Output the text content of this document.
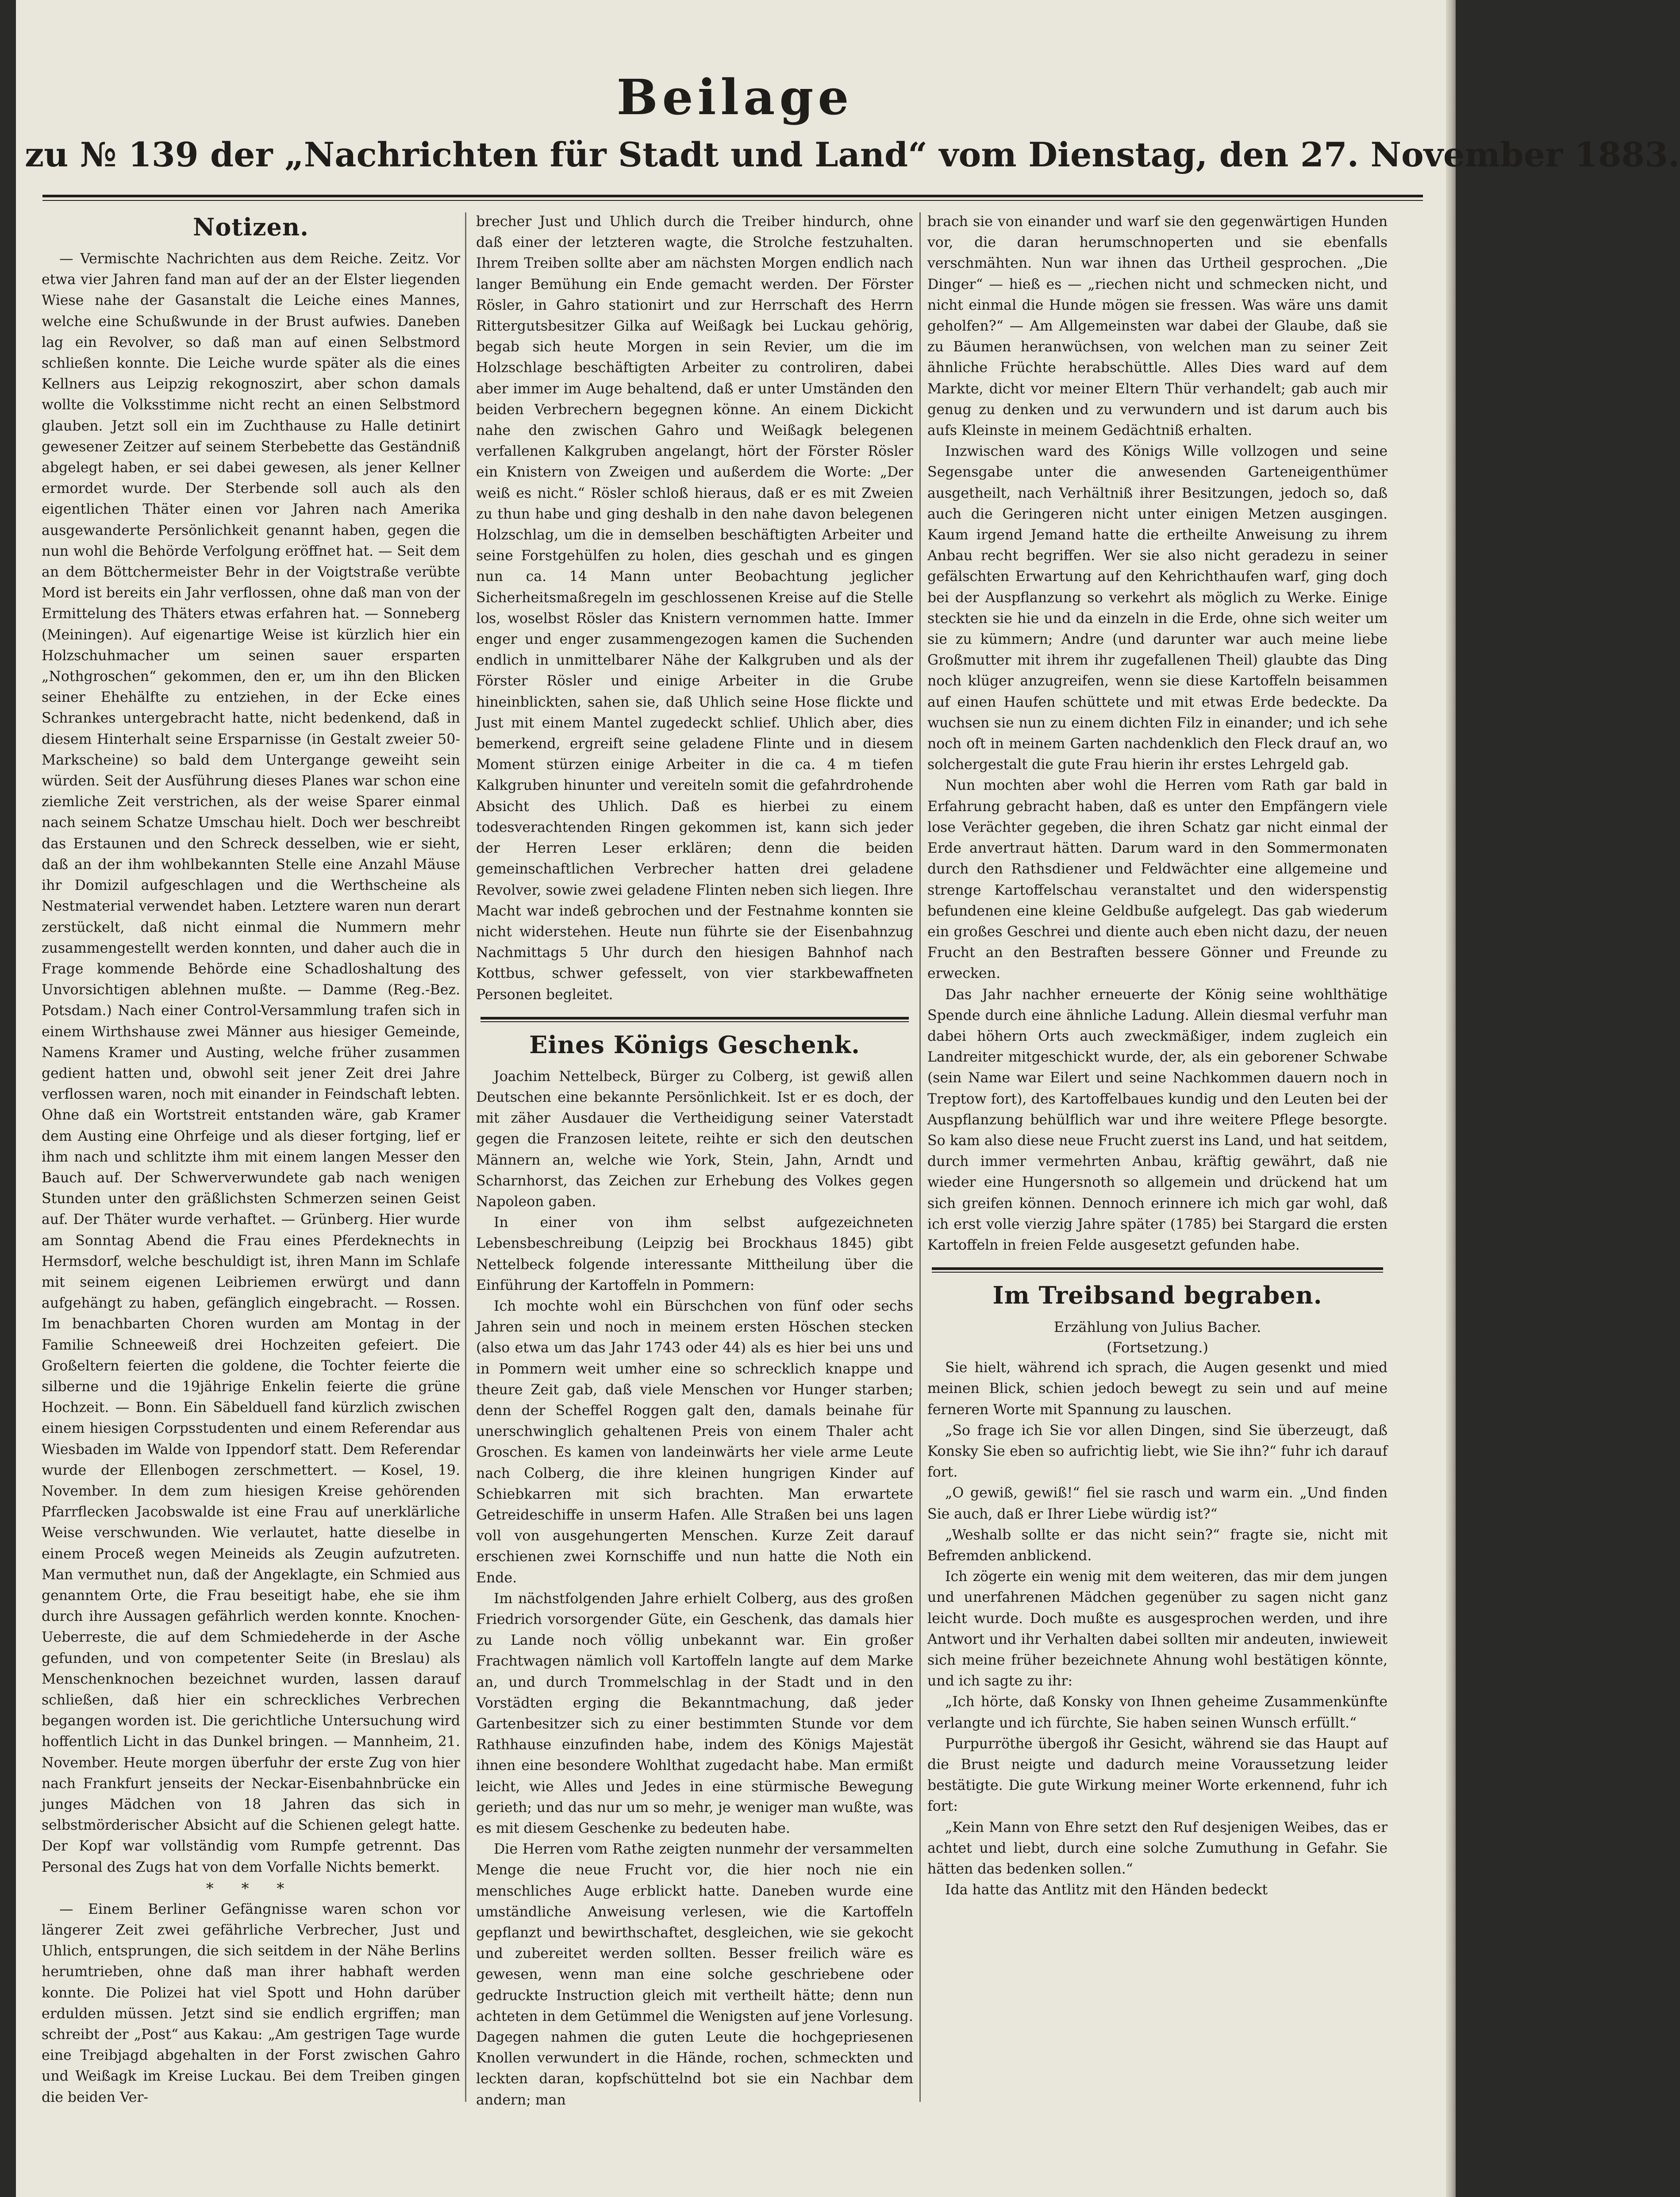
Beilage
zu № 139 der „Nachrichten für Stadt und Land“ vom Dienstag, den 27. November 1883.
Notizen.

— Vermischte Nachrichten aus dem Reiche. Zeitz. Vor etwa vier Jahren fand man auf der an der Elster liegenden Wiese nahe der Gasanstalt die Leiche eines Mannes, welche eine Schußwunde in der Brust aufwies. Daneben lag ein Revolver, so daß man auf einen Selbstmord schließen konnte. Die Leiche wurde später als die eines Kellners aus Leipzig rekognoszirt, aber schon damals wollte die Volksstimme nicht recht an einen Selbstmord glauben. Jetzt soll ein im Zuchthause zu Halle detinirt gewesener Zeitzer auf seinem Sterbebette das Geständniß abgelegt haben, er sei dabei gewesen, als jener Kellner ermordet wurde. Der Sterbende soll auch als den eigentlichen Thäter einen vor Jahren nach Amerika ausgewanderte Persönlichkeit genannt haben, gegen die nun wohl die Behörde Verfolgung eröffnet hat. — Seit dem an dem Böttchermeister Behr in der Voigtstraße verübte Mord ist bereits ein Jahr verflossen, ohne daß man von der Ermittelung des Thäters etwas erfahren hat. — Sonneberg (Meiningen). Auf eigenartige Weise ist kürzlich hier ein Holzschuhmacher um seinen sauer ersparten „Nothgroschen“ gekommen, den er, um ihn den Blicken seiner Ehehälfte zu entziehen, in der Ecke eines Schrankes untergebracht hatte, nicht bedenkend, daß in diesem Hinterhalt seine Ersparnisse (in Gestalt zweier 50-Markscheine) so bald dem Untergange geweiht sein würden. Seit der Ausführung dieses Planes war schon eine ziemliche Zeit verstrichen, als der weise Sparer einmal nach seinem Schatze Umschau hielt. Doch wer beschreibt das Erstaunen und den Schreck desselben, wie er sieht, daß an der ihm wohlbekannten Stelle eine Anzahl Mäuse ihr Domizil aufgeschlagen und die Werthscheine als Nestmaterial verwendet haben. Letztere waren nun derart zerstückelt, daß nicht einmal die Nummern mehr zusammengestellt werden konnten, und daher auch die in Frage kommende Behörde eine Schadloshaltung des Unvorsichtigen ablehnen mußte. — Damme (Reg.-Bez. Potsdam.) Nach einer Control-Versammlung trafen sich in einem Wirthshause zwei Männer aus hiesiger Gemeinde, Namens Kramer und Austing, welche früher zusammen gedient hatten und, obwohl seit jener Zeit drei Jahre verflossen waren, noch mit einander in Feindschaft lebten. Ohne daß ein Wortstreit entstanden wäre, gab Kramer dem Austing eine Ohrfeige und als dieser fortging, lief er ihm nach und schlitzte ihm mit einem langen Messer den Bauch auf. Der Schwerverwundete gab nach wenigen Stunden unter den gräßlichsten Schmerzen seinen Geist auf. Der Thäter wurde verhaftet. — Grünberg. Hier wurde am Sonntag Abend die Frau eines Pferdeknechts in Hermsdorf, welche beschuldigt ist, ihren Mann im Schlafe mit seinem eigenen Leibriemen erwürgt und dann aufgehängt zu haben, gefänglich eingebracht. — Rossen. Im benachbarten Choren wurden am Montag in der Familie Schneeweiß drei Hochzeiten gefeiert. Die Großeltern feierten die goldene, die Tochter feierte die silberne und die 19jährige Enkelin feierte die grüne Hochzeit. — Bonn. Ein Säbelduell fand kürzlich zwischen einem hiesigen Corpsstudenten und einem Referendar aus Wiesbaden im Walde von Ippendorf statt. Dem Referendar wurde der Ellenbogen zerschmettert. — Kosel, 19. November. In dem zum hiesigen Kreise gehörenden Pfarrflecken Jacobswalde ist eine Frau auf unerklärliche Weise verschwunden. Wie verlautet, hatte dieselbe in einem Proceß wegen Meineids als Zeugin aufzutreten. Man vermuthet nun, daß der Angeklagte, ein Schmied aus genanntem Orte, die Frau beseitigt habe, ehe sie ihm durch ihre Aussagen gefährlich werden konnte. Knochen-Ueberreste, die auf dem Schmiedeherde in der Asche gefunden, und von competenter Seite (in Breslau) als Menschenknochen bezeichnet wurden, lassen darauf schließen, daß hier ein schreckliches Verbrechen begangen worden ist. Die gerichtliche Untersuchung wird hoffentlich Licht in das Dunkel bringen. — Mannheim, 21. November. Heute morgen überfuhr der erste Zug von hier nach Frankfurt jenseits der Neckar-Eisenbahnbrücke ein junges Mädchen von 18 Jahren das sich in selbstmörderischer Absicht auf die Schienen gelegt hatte. Der Kopf war vollständig vom Rumpfe getrennt. Das Personal des Zugs hat von dem Vorfalle Nichts bemerkt.

* * *

— Einem Berliner Gefängnisse waren schon vor längerer Zeit zwei gefährliche Verbrecher, Just und Uhlich, entsprungen, die sich seitdem in der Nähe Berlins herumtrieben, ohne daß man ihrer habhaft werden konnte. Die Polizei hat viel Spott und Hohn darüber erdulden müssen. Jetzt sind sie endlich ergriffen; man schreibt der „Post“ aus Kakau: „Am gestrigen Tage wurde eine Treibjagd abgehalten in der Forst zwischen Gahro und Weißagk im Kreise Luckau. Bei dem Treiben gingen die beiden Ver-

brecher Just und Uhlich durch die Treiber hindurch, ohne daß einer der letzteren wagte, die Strolche festzuhalten. Ihrem Treiben sollte aber am nächsten Morgen endlich nach langer Bemühung ein Ende gemacht werden. Der Förster Rösler, in Gahro stationirt und zur Herrschaft des Herrn Rittergutsbesitzer Gilka auf Weißagk bei Luckau gehörig, begab sich heute Morgen in sein Revier, um die im Holzschlage beschäftigten Arbeiter zu controliren, dabei aber immer im Auge behaltend, daß er unter Umständen den beiden Verbrechern begegnen könne. An einem Dickicht nahe den zwischen Gahro und Weißagk belegenen verfallenen Kalkgruben angelangt, hört der Förster Rösler ein Knistern von Zweigen und außerdem die Worte: „Der weiß es nicht.“ Rösler schloß hieraus, daß er es mit Zweien zu thun habe und ging deshalb in den nahe davon belegenen Holzschlag, um die in demselben beschäftigten Arbeiter und seine Forstgehülfen zu holen, dies geschah und es gingen nun ca. 14 Mann unter Beobachtung jeglicher Sicherheitsmaßregeln im geschlossenen Kreise auf die Stelle los, woselbst Rösler das Knistern vernommen hatte. Immer enger und enger zusammengezogen kamen die Suchenden endlich in unmittelbarer Nähe der Kalkgruben und als der Förster Rösler und einige Arbeiter in die Grube hineinblickten, sahen sie, daß Uhlich seine Hose flickte und Just mit einem Mantel zugedeckt schlief. Uhlich aber, dies bemerkend, ergreift seine geladene Flinte und in diesem Moment stürzen einige Arbeiter in die ca. 4 m tiefen Kalkgruben hinunter und vereiteln somit die gefahrdrohende Absicht des Uhlich. Daß es hierbei zu einem todesverachtenden Ringen gekommen ist, kann sich jeder der Herren Leser erklären; denn die beiden gemeinschaftlichen Verbrecher hatten drei geladene Revolver, sowie zwei geladene Flinten neben sich liegen. Ihre Macht war indeß gebrochen und der Festnahme konnten sie nicht widerstehen. Heute nun führte sie der Eisenbahnzug Nachmittags 5 Uhr durch den hiesigen Bahnhof nach Kottbus, schwer gefesselt, von vier starkbewaffneten Personen begleitet.

Eines Königs Geschenk.

Joachim Nettelbeck, Bürger zu Colberg, ist gewiß allen Deutschen eine bekannte Persönlichkeit. Ist er es doch, der mit zäher Ausdauer die Vertheidigung seiner Vaterstadt gegen die Franzosen leitete, reihte er sich den deutschen Männern an, welche wie York, Stein, Jahn, Arndt und Scharnhorst, das Zeichen zur Erhebung des Volkes gegen Napoleon gaben.

In einer von ihm selbst aufgezeichneten Lebensbeschreibung (Leipzig bei Brockhaus 1845) gibt Nettelbeck folgende interessante Mittheilung über die Einführung der Kartoffeln in Pommern:

Ich mochte wohl ein Bürschchen von fünf oder sechs Jahren sein und noch in meinem ersten Höschen stecken (also etwa um das Jahr 1743 oder 44) als es hier bei uns und in Pommern weit umher eine so schrecklich knappe und theure Zeit gab, daß viele Menschen vor Hunger starben; denn der Scheffel Roggen galt den, damals beinahe für unerschwinglich gehaltenen Preis von einem Thaler acht Groschen. Es kamen von landeinwärts her viele arme Leute nach Colberg, die ihre kleinen hungrigen Kinder auf Schiebkarren mit sich brachten. Man erwartete Getreideschiffe in unserm Hafen. Alle Straßen bei uns lagen voll von ausgehungerten Menschen. Kurze Zeit darauf erschienen zwei Kornschiffe und nun hatte die Noth ein Ende.

Im nächstfolgenden Jahre erhielt Colberg, aus des großen Friedrich vorsorgender Güte, ein Geschenk, das damals hier zu Lande noch völlig unbekannt war. Ein großer Frachtwagen nämlich voll Kartoffeln langte auf dem Marke an, und durch Trommelschlag in der Stadt und in den Vorstädten erging die Bekanntmachung, daß jeder Gartenbesitzer sich zu einer bestimmten Stunde vor dem Rathhause einzufinden habe, indem des Königs Majestät ihnen eine besondere Wohlthat zugedacht habe. Man ermißt leicht, wie Alles und Jedes in eine stürmische Bewegung gerieth; und das nur um so mehr, je weniger man wußte, was es mit diesem Geschenke zu bedeuten habe.

Die Herren vom Rathe zeigten nunmehr der versammelten Menge die neue Frucht vor, die hier noch nie ein menschliches Auge erblickt hatte. Daneben wurde eine umständliche Anweisung verlesen, wie die Kartoffeln gepflanzt und bewirthschaftet, desgleichen, wie sie gekocht und zubereitet werden sollten. Besser freilich wäre es gewesen, wenn man eine solche geschriebene oder gedruckte Instruction gleich mit vertheilt hätte; denn nun achteten in dem Getümmel die Wenigsten auf jene Vorlesung. Dagegen nahmen die guten Leute die hochgepriesenen Knollen verwundert in die Hände, rochen, schmeckten und leckten daran, kopfschüttelnd bot sie ein Nachbar dem andern; man

brach sie von einander und warf sie den gegenwärtigen Hunden vor, die daran herumschnoperten und sie ebenfalls verschmähten. Nun war ihnen das Urtheil gesprochen. „Die Dinger“ — hieß es — „riechen nicht und schmecken nicht, und nicht einmal die Hunde mögen sie fressen. Was wäre uns damit geholfen?“ — Am Allgemeinsten war dabei der Glaube, daß sie zu Bäumen heranwüchsen, von welchen man zu seiner Zeit ähnliche Früchte herabschüttle. Alles Dies ward auf dem Markte, dicht vor meiner Eltern Thür verhandelt; gab auch mir genug zu denken und zu verwundern und ist darum auch bis aufs Kleinste in meinem Gedächtniß erhalten.

Inzwischen ward des Königs Wille vollzogen und seine Segensgabe unter die anwesenden Garteneigenthümer ausgetheilt, nach Verhältniß ihrer Besitzungen, jedoch so, daß auch die Geringeren nicht unter einigen Metzen ausgingen. Kaum irgend Jemand hatte die ertheilte Anweisung zu ihrem Anbau recht begriffen. Wer sie also nicht geradezu in seiner gefälschten Erwartung auf den Kehrichthaufen warf, ging doch bei der Auspflanzung so verkehrt als möglich zu Werke. Einige steckten sie hie und da einzeln in die Erde, ohne sich weiter um sie zu kümmern; Andre (und darunter war auch meine liebe Großmutter mit ihrem ihr zugefallenen Theil) glaubte das Ding noch klüger anzugreifen, wenn sie diese Kartoffeln beisammen auf einen Haufen schüttete und mit etwas Erde bedeckte. Da wuchsen sie nun zu einem dichten Filz in einander; und ich sehe noch oft in meinem Garten nachdenklich den Fleck drauf an, wo solchergestalt die gute Frau hierin ihr erstes Lehrgeld gab.

Nun mochten aber wohl die Herren vom Rath gar bald in Erfahrung gebracht haben, daß es unter den Empfängern viele lose Verächter gegeben, die ihren Schatz gar nicht einmal der Erde anvertraut hätten. Darum ward in den Sommermonaten durch den Rathsdiener und Feldwächter eine allgemeine und strenge Kartoffelschau veranstaltet und den widerspenstig befundenen eine kleine Geldbuße aufgelegt. Das gab wiederum ein großes Geschrei und diente auch eben nicht dazu, der neuen Frucht an den Bestraften bessere Gönner und Freunde zu erwecken.

Das Jahr nachher erneuerte der König seine wohlthätige Spende durch eine ähnliche Ladung. Allein diesmal verfuhr man dabei höhern Orts auch zweckmäßiger, indem zugleich ein Landreiter mitgeschickt wurde, der, als ein geborener Schwabe (sein Name war Eilert und seine Nachkommen dauern noch in Treptow fort), des Kartoffelbaues kundig und den Leuten bei der Auspflanzung behülflich war und ihre weitere Pflege besorgte. So kam also diese neue Frucht zuerst ins Land, und hat seitdem, durch immer vermehrten Anbau, kräftig gewährt, daß nie wieder eine Hungersnoth so allgemein und drückend hat um sich greifen können. Dennoch erinnere ich mich gar wohl, daß ich erst volle vierzig Jahre später (1785) bei Stargard die ersten Kartoffeln in freien Felde ausgesetzt gefunden habe.

Im Treibsand begraben.

Erzählung von Julius Bacher.

(Fortsetzung.)

Sie hielt, während ich sprach, die Augen gesenkt und mied meinen Blick, schien jedoch bewegt zu sein und auf meine ferneren Worte mit Spannung zu lauschen.

„So frage ich Sie vor allen Dingen, sind Sie überzeugt, daß Konsky Sie eben so aufrichtig liebt, wie Sie ihn?“ fuhr ich darauf fort.

„O gewiß, gewiß!“ fiel sie rasch und warm ein. „Und finden Sie auch, daß er Ihrer Liebe würdig ist?“

„Weshalb sollte er das nicht sein?“ fragte sie, nicht mit Befremden anblickend.

Ich zögerte ein wenig mit dem weiteren, das mir dem jungen und unerfahrenen Mädchen gegenüber zu sagen nicht ganz leicht wurde. Doch mußte es ausgesprochen werden, und ihre Antwort und ihr Verhalten dabei sollten mir andeuten, inwieweit sich meine früher bezeichnete Ahnung wohl bestätigen könnte, und ich sagte zu ihr:

„Ich hörte, daß Konsky von Ihnen geheime Zusammenkünfte verlangte und ich fürchte, Sie haben seinen Wunsch erfüllt.“

Purpurröthe übergoß ihr Gesicht, während sie das Haupt auf die Brust neigte und dadurch meine Voraussetzung leider bestätigte. Die gute Wirkung meiner Worte erkennend, fuhr ich fort:

„Kein Mann von Ehre setzt den Ruf desjenigen Weibes, das er achtet und liebt, durch eine solche Zumuthung in Gefahr. Sie hätten das bedenken sollen.“

Ida hatte das Antlitz mit den Händen bedeckt
